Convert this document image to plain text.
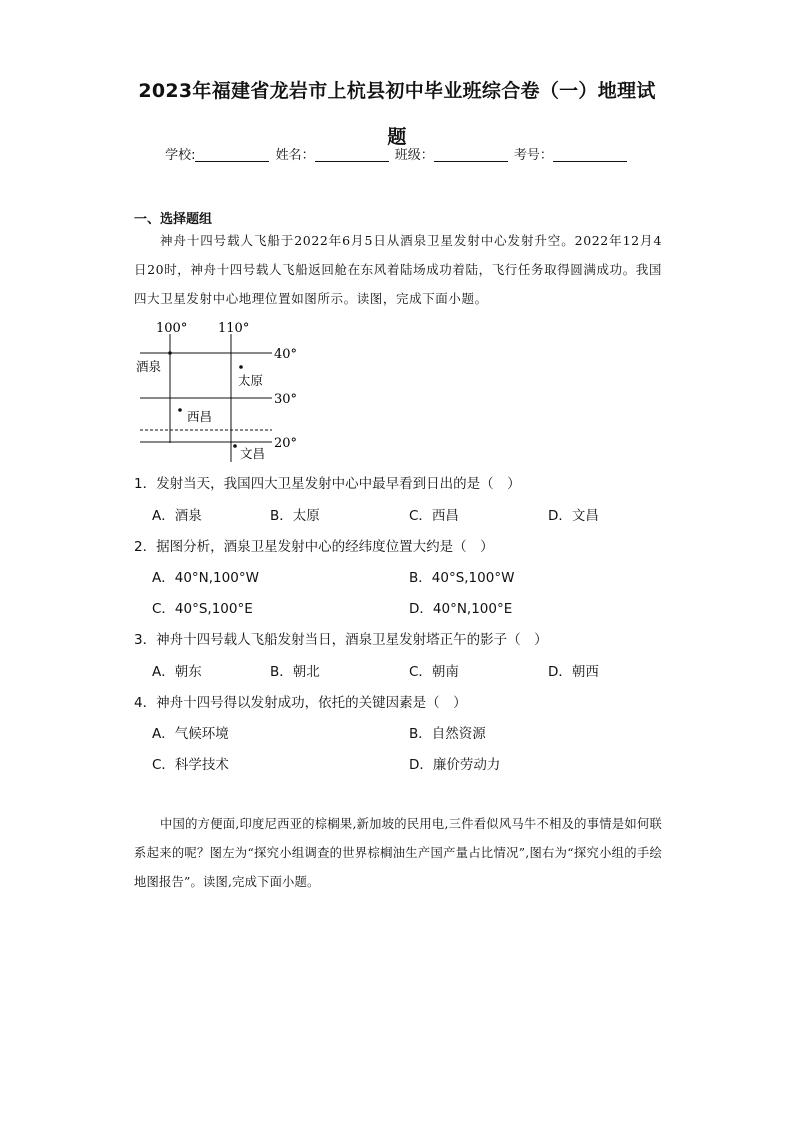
2023年福建省龙岩市上杭县初中毕业班综合卷（一）地理试
题
学校:	姓名：	班级：	考号：
一、选择题组

神舟十四号载人飞船于2022年6月5日从酒泉卫星发射中心发射升空。2022年12月4日20时，神舟十四号载人飞船返回舱在东风着陆场成功着陆，飞行任务取得圆满成功。我国四大卫星发射中心地理位置如图所示。读图，完成下面小题。

100° 110°
40°
30°
20°
酒泉
太原
西昌
文昌
1．发射当天，我国四大卫星发射中心中最早看到日出的是（　）
A．酒泉	B．太原	C．西昌	D．文昌
2．据图分析，酒泉卫星发射中心的经纬度位置大约是（　）
A．40°N,100°W	B．40°S,100°W
C．40°S,100°E	D．40°N,100°E
3．神舟十四号载人飞船发射当日，酒泉卫星发射塔正午的影子（　）
A．朝东	B．朝北	C．朝南	D．朝西
4．神舟十四号得以发射成功，依托的关键因素是（　）
A．气候环境	B．自然资源
C．科学技术	D．廉价劳动力

中国的方便面,印度尼西亚的棕榈果,新加坡的民用电,三件看似风马牛不相及的事情是如何联系起来的呢？图左为“探究小组调查的世界棕榈油生产国产量占比情况”,图右为“探究小组的手绘地图报告”。读图,完成下面小题。
